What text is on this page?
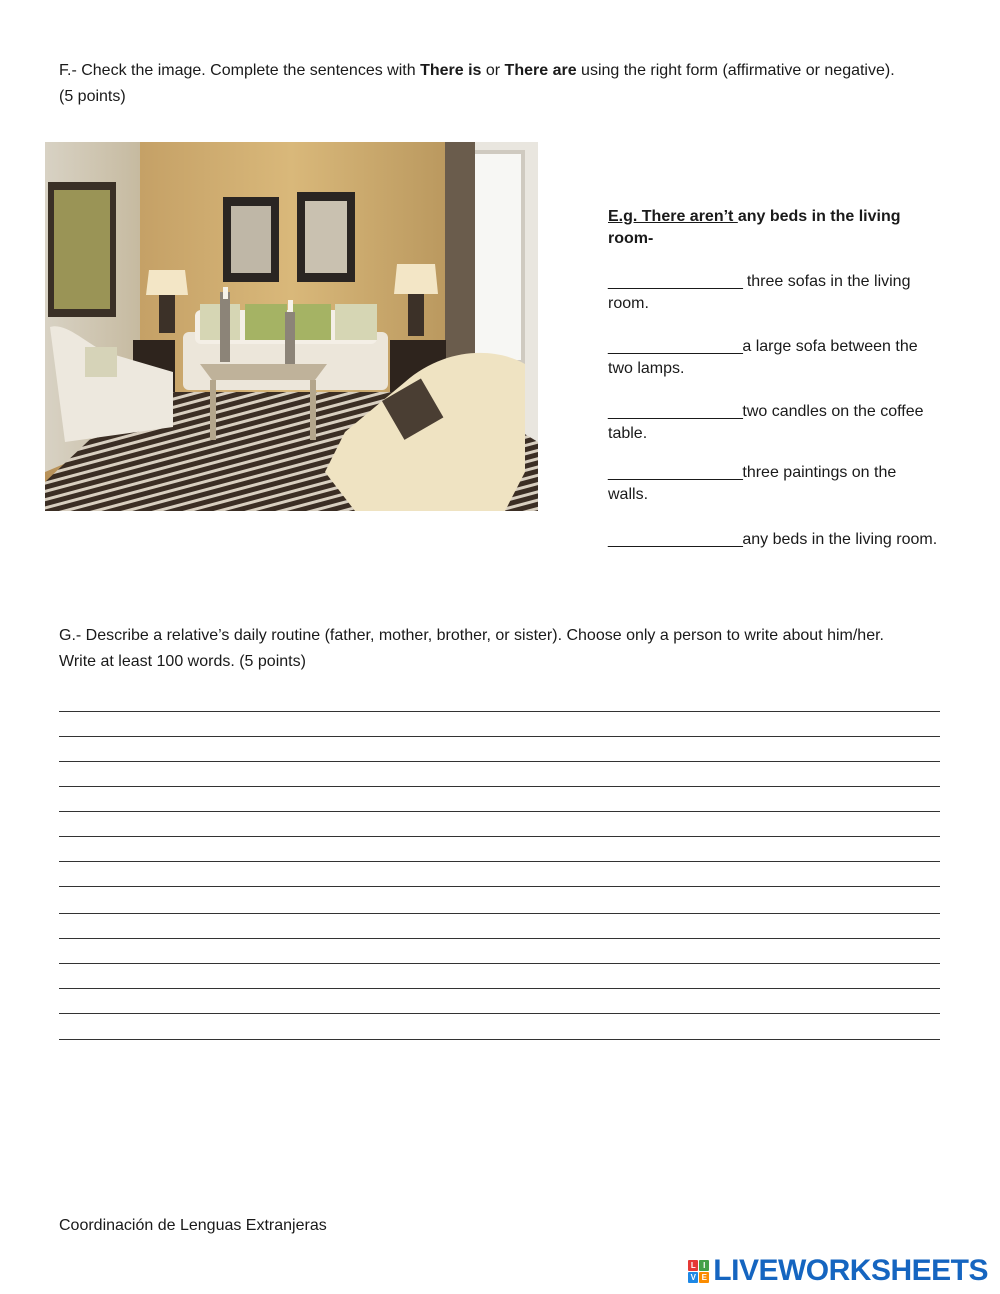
F.- Check the image. Complete the sentences with There is or There are using the right form (affirmative or negative).
(5 points)
E.g. There aren’t any beds in the living room-
________________ three sofas in the living room.
________________a large sofa between the two lamps.
________________two candles on the coffee table.
________________three paintings on the walls.
________________any beds in the living room.
G.- Describe a relative’s daily routine (father, mother, brother, or sister). Choose only a person to write about him/her.
Write at least 100 words. (5 points)
Coordinación de Lenguas Extranjeras
L I
V E LIVEWORKSHEETS
